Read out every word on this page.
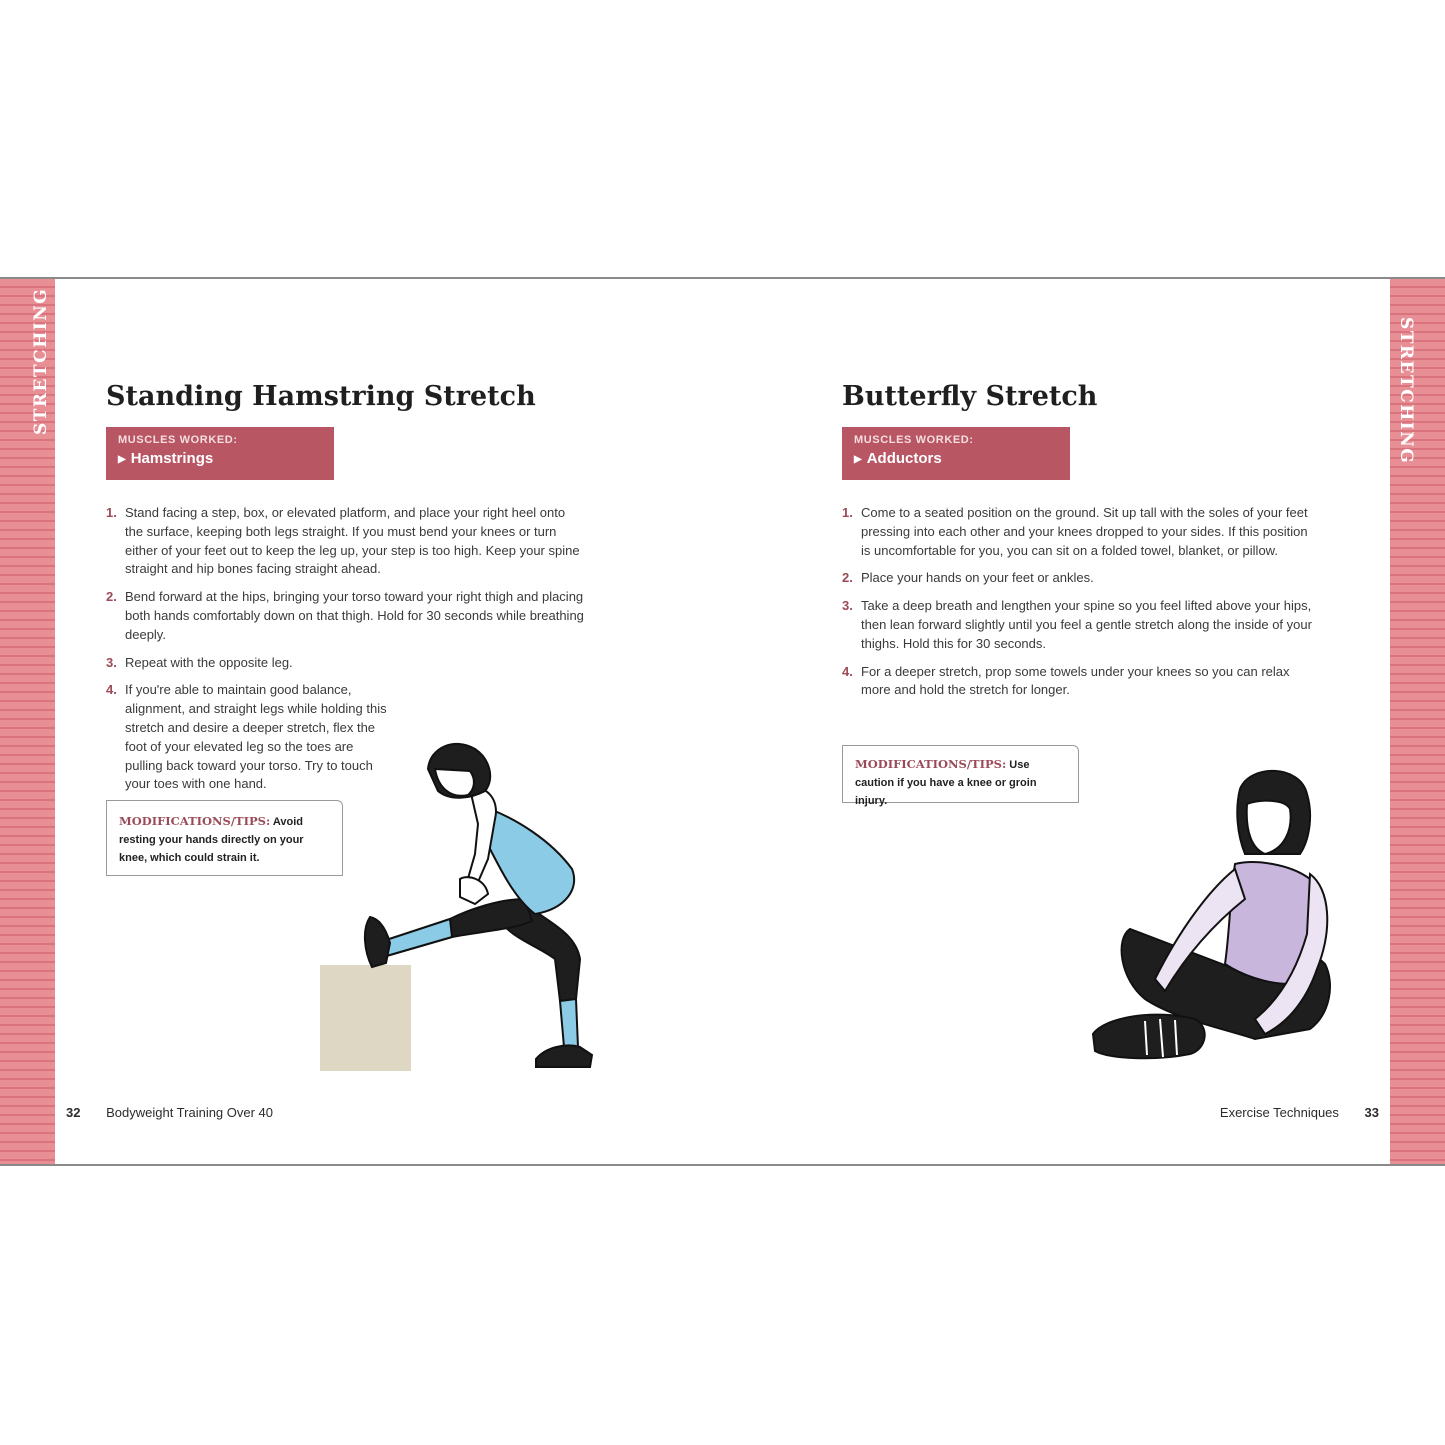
STRETCHING	STRETCHING
Standing Hamstring Stretch
MUSCLES WORKED:
▶ Hamstrings
1. Stand facing a step, box, or elevated platform, and place your right heel onto the surface, keeping both legs straight. If you must bend your knees or turn either of your feet out to keep the leg up, your step is too high. Keep your spine straight and hip bones facing straight ahead.
2. Bend forward at the hips, bringing your torso toward your right thigh and placing both hands comfortably down on that thigh. Hold for 30 seconds while breathing deeply.
3. Repeat with the opposite leg.
4. If you're able to maintain good balance, alignment, and straight legs while holding this stretch and desire a deeper stretch, flex the foot of your elevated leg so the toes are pulling back toward your torso. Try to touch your toes with one hand.
MODIFICATIONS/TIPS: Avoid resting your hands directly on your knee, which could strain it.
Butterfly Stretch
MUSCLES WORKED:
▶ Adductors
1. Come to a seated position on the ground. Sit up tall with the soles of your feet pressing into each other and your knees dropped to your sides. If this position is uncomfortable for you, you can sit on a folded towel, blanket, or pillow.
2. Place your hands on your feet or ankles.
3. Take a deep breath and lengthen your spine so you feel lifted above your hips, then lean forward slightly until you feel a gentle stretch along the inside of your thighs. Hold this for 30 seconds.
4. For a deeper stretch, prop some towels under your knees so you can relax more and hold the stretch for longer.
MODIFICATIONS/TIPS: Use caution if you have a knee or groin injury.
32 Bodyweight Training Over 40	Exercise Techniques 33
